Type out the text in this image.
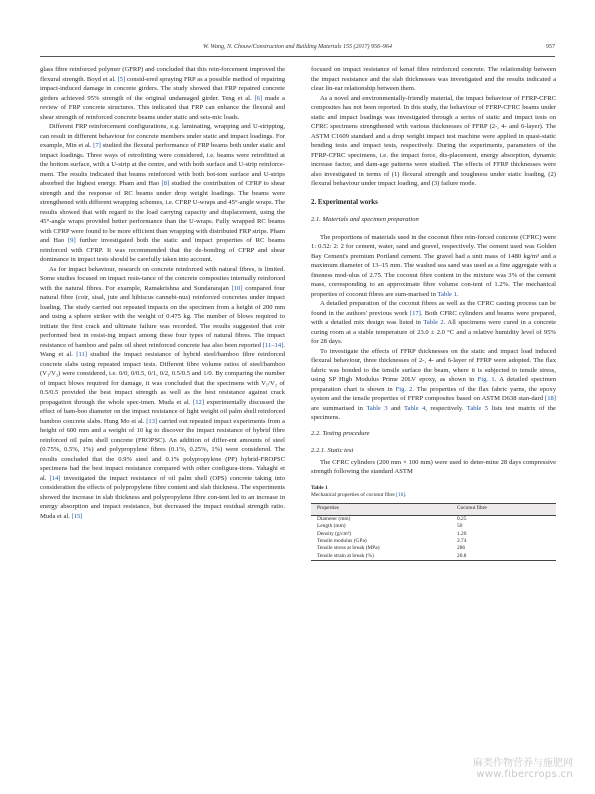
W. Wang, N. Chouw/Construction and Building Materials 155 (2017) 956–964	957

glass fibre reinforced polymer (GFRP) and concluded that this rein-forcement improved the flexural strength. Boyd et al. [5] consid-ered spraying FRP as a possible method of repairing impact-induced damage in concrete girders. The study showed that FRP repaired concrete girders achieved 95% strength of the original undamaged girder. Teng et al. [6] made a review of FRP concrete structures. This indicated that FRP can enhance the flexural and shear strength of reinforced concrete beams under static and seis-mic loads.

Different FRP reinforcement configurations, e.g. laminating, wrapping and U-stripping, can result in different behaviour for concrete members under static and impact loadings. For example, Min et al. [7] studied the flexural performance of FRP beams both under static and impact loadings. Three ways of retrofitting were considered, i.e. beams were retrofitted at the bottom surface, with a U-strip at the centre, and with both surface and U-strip reinforce-ment. The results indicated that beams reinforced with both bot-tom surface and U-strips absorbed the highest energy. Pham and Hao [8] studied the contribution of CFRP to shear strength and the response of RC beams under drop weight loadings. The beams were strengthened with different wrapping schemes, i.e. CFRP U-wraps and 45°-angle wraps. The results showed that with regard to the load carrying capacity and displacement, using the 45°-angle wraps provided better performance than the U-wraps. Fully wrapped RC beams with CFRP were found to be more efficient than wrapping with distributed FRP strips. Pham and Hao [9] further investigated both the static and impact properties of RC beams reinforced with CFRP. It was recommended that the de-bonding of CFRP and shear dominance in impact tests should be carefully taken into account.

As for impact behaviour, research on concrete reinforced with natural fibres, is limited. Some studies focused on impact resis-tance of the concrete composites internally reinforced with the natural fibres. For example, Ramakrishna and Sundararajan [10] compared four natural fibre (coir, sisal, jute and hibiscus cannebi-nus) reinforced concretes under impact loading. The study carried out repeated impacts on the specimen from a height of 200 mm and using a sphere striker with the weight of 0.475 kg. The number of blows required to initiate the first crack and ultimate failure was recorded. The results suggested that coir performed best in resist-ing impact among these four types of natural fibres. The impact resistance of bamboo and palm oil sheet reinforced concrete has also been reported [11–14]. Wang et al. [11] studied the impact resistance of hybrid steel/bamboo fibre reinforced concrete slabs using repeated impact tests. Different fibre volume ratios of steel/bamboo (V₁/V₂) were considered, i.e. 0/0, 0/0.5, 0/1, 0/2, 0.5/0.5 and 1/0. By comparing the number of impact blows required for damage, it was concluded that the specimens with V₁/V₂ of 0.5/0.5 provided the best impact strength as well as the best resistance against crack propagation through the whole spec-imen. Muda et al. [12] experimentally discussed the effect of bam-boo diameter on the impact resistance of light weight oil palm shell reinforced bamboo concrete slabs. Hung Mo et al. [13] carried out repeated impact experiments from a height of 600 mm and a weight of 10 kg to discover the impact resistance of hybrid fibre reinforced oil palm shell concrete (FROPSC). An addition of differ-ent amounts of steel (0.75%, 0.5%, 1%) and polypropylene fibres (0.1%, 0.25%, 1%) were considered. The results concluded that the 0.9% steel and 0.1% polypropylene (PP) hybrid-FROPSC specimens had the best impact resistance compared with other configura-tions. Yahaghi et al. [14] investigated the impact resistance of oil palm shell (OPS) concrete taking into consideration the effects of polypropylene fibre content and slab thickness. The experiments showed the increase in slab thickness and polypropylene fibre con-tent led to an increase in energy absorption and impact resistance, but decreased the impact residual strength ratio. Muda et al. [15]

focused on impact resistance of kenaf fibre reinforced concrete. The relationship between the impact resistance and the slab thicknesses was investigated and the results indicated a clear lin-ear relationship between them.

As a novel and environmentally-friendly material, the impact behaviour of FFRP-CFRC composites has not been reported. In this study, the behaviour of FFRP-CFRC beams under static and impact loadings was investigated through a series of static and impact tests on CFRC specimens strengthened with various thicknesses of FFRP (2-, 4- and 6-layer). The ASTM C1609 standard and a drop weight impact test machine were applied in quasi-static bending tests and impact tests, respectively. During the experiments, parameters of the FFRP-CFRC specimens, i.e. the impact force, dis-placement, energy absorption, dynamic increase factor, and dam-age patterns were studied. The effects of FFRP thicknesses were also investigated in terms of (1) flexural strength and toughness under static loading, (2) flexural behaviour under impact loading, and (3) failure mode.

2. Experimental works
2.1. Materials and specimen preparation

The proportions of materials used in the coconut fibre rein-forced concrete (CFRC) were 1: 0.52: 2: 2 for cement, water, sand and gravel, respectively. The cement used was Golden Bay Cement's premium Portland cement. The gravel had a unit mass of 1480 kg/m³ and a maximum diameter of 13–15 mm. The washed sea sand was used as a fine aggregate with a fineness mod-ulus of 2.75. The coconut fibre content in the mixture was 3% of the cement mass, corresponding to an approximate fibre volume con-tent of 1.2%. The mechanical properties of coconut fibres are sum-marised in Table 1.

A detailed preparation of the coconut fibres as well as the CFRC casting process can be found in the authors' previous work [17]. Both CFRC cylinders and beams were prepared, with a detailed mix design was listed in Table 2. All specimens were cured in a concrete curing room at a stable temperature of 23.0 ± 2.0 °C and a relative humidity level of 95% for 28 days.

To investigate the effects of FFRP thicknesses on the static and impact load induced flexural behaviour, three thicknesses of 2-, 4- and 6-layer of FFRP were adopted. The flax fabric was bonded to the tensile surface the beam, where it is subjected to tensile stress, using SP High Modulus Prime 20LV epoxy, as shown in Fig. 1. A detailed specimen preparation chart is shown in Fig. 2. The properties of the flax fabric yarns, the epoxy system and the tensile properties of FFRP composites based on ASTM D638 stan-dard [18] are summarised in Table 3 and Table 4, respectively. Table 5 lists test matrix of the specimens.

2.2. Testing procedure
2.2.1. Static test

The CFRC cylinders (200 mm × 100 mm) were used to deter-mine 28 days compressive strength following the standard ASTM

Table 1
Mechanical properties of coconut fibre [16].
Properties	Coconut fibre
Diameter (mm)	0.25
Length (mm)	50
Density (g/cm³)	1.20
Tensile modulus (GPa)	2.74
Tensile stress at break (MPa)	286
Tensile strain at break (%)	20.8
麻类作物营养与施肥网
www.fibercrops.cn
